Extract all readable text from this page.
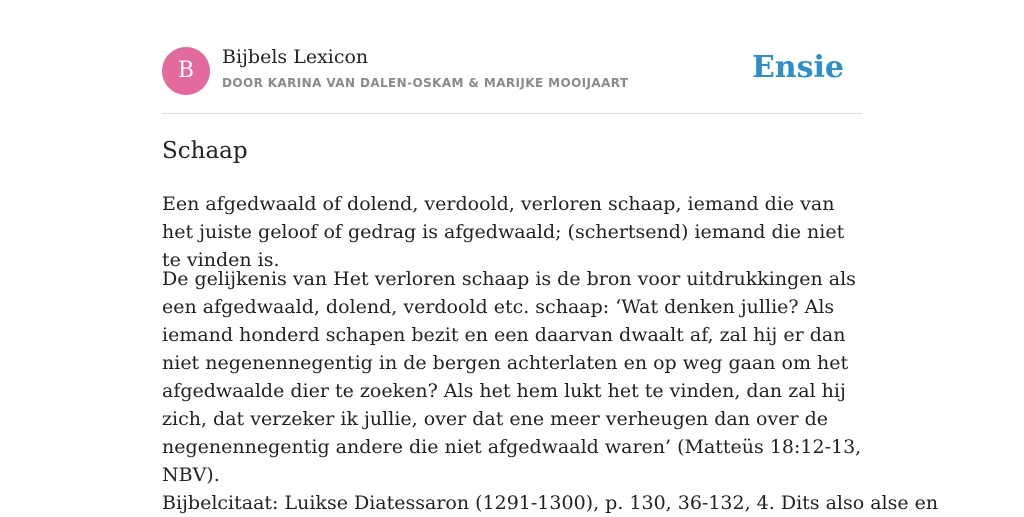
B
Bijbels Lexicon
DOOR KARINA VAN DALEN-OSKAM & MARIJKE MOOIJAART	Ensie
Schaap

Een afgedwaald of dolend, verdoold, verloren schaap, iemand die van het juiste geloof of gedrag is afgedwaald; (schertsend) iemand die niet te vinden is.

De gelijkenis van Het verloren schaap is de bron voor uitdrukkingen als een afgedwaald, dolend, verdoold etc. schaap: ‘Wat denken jullie? Als iemand honderd schapen bezit en een daarvan dwaalt af, zal hij er dan niet negenennegentig in de bergen achterlaten en op weg gaan om het afgedwaalde dier te zoeken? Als het hem lukt het te vinden, dan zal hij zich, dat verzeker ik jullie, over dat ene meer verheugen dan over de negenennegentig andere die niet afgedwaald waren’ (Matteüs 18:12-13, NBV).

Bijbelcitaat: Luikse Diatessaron (1291-1300), p. 130, 36-132, 4. Dits also alse en
